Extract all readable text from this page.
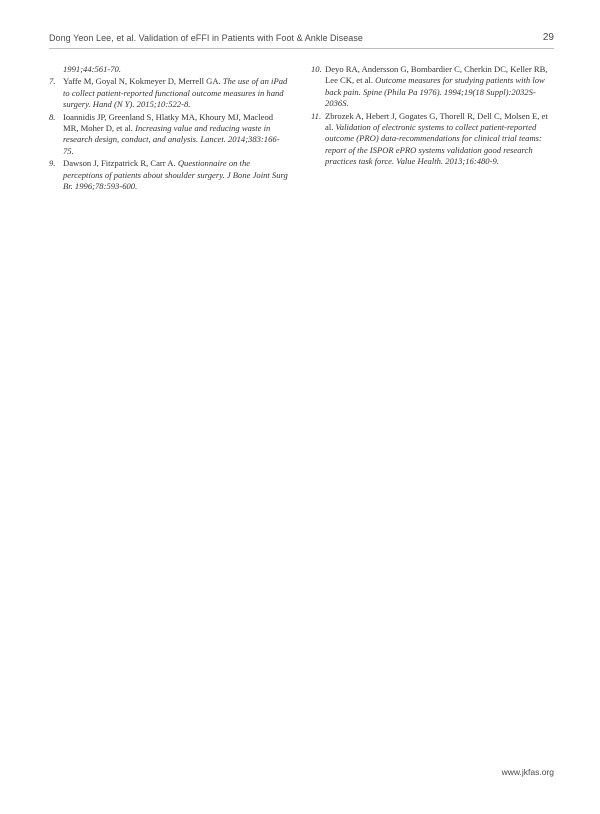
Dong Yeon Lee, et al. Validation of eFFI in Patients with Foot & Ankle Disease	29
1991;44:561-70.
7. Yaffe M, Goyal N, Kokmeyer D, Merrell GA. The use of an iPad to collect patient-reported functional outcome measures in hand surgery. Hand (N Y). 2015;10:522-8.
8. Ioannidis JP, Greenland S, Hlatky MA, Khoury MJ, Macleod MR, Moher D, et al. Increasing value and reducing waste in research design, conduct, and analysis. Lancet. 2014;383:166-75.
9. Dawson J, Fitzpatrick R, Carr A. Questionnaire on the perceptions of patients about shoulder surgery. J Bone Joint Surg Br. 1996;78:593-600.
10. Deyo RA, Andersson G, Bombardier C, Cherkin DC, Keller RB, Lee CK, et al. Outcome measures for studying patients with low back pain. Spine (Phila Pa 1976). 1994;19(18 Suppl):2032S-2036S.
11. Zbrozek A, Hebert J, Gogates G, Thorell R, Dell C, Molsen E, et al. Validation of electronic systems to collect patient-reported outcome (PRO) data-recommendations for clinical trial teams: report of the ISPOR ePRO systems validation good research practices task force. Value Health. 2013;16:480-9.
www.jkfas.org
